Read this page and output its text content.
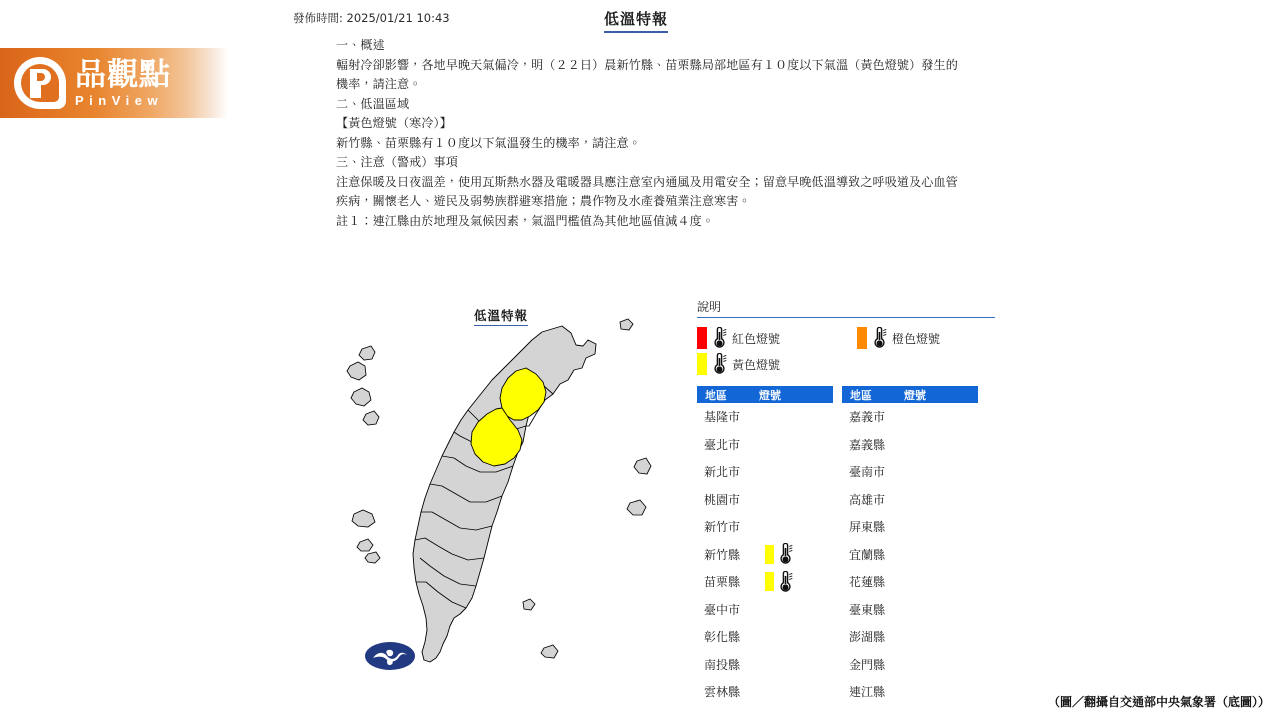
品觀點
PinView
發佈時間: 2025/01/21 10:43	低溫特報
一、概述
輻射冷卻影響，各地早晚天氣偏冷，明（２２日）晨新竹縣、苗栗縣局部地區有１０度以下氣溫（黃色燈號）發生的機率，請注意。
二、低溫區域
【黃色燈號（寒冷）】
新竹縣、苗栗縣有１０度以下氣溫發生的機率，請注意。
三、注意（警戒）事項
注意保暖及日夜溫差，使用瓦斯熱水器及電暖器具應注意室內通風及用電安全；留意早晚低溫導致之呼吸道及心血管疾病，關懷老人、遊民及弱勢族群避寒措施；農作物及水產養殖業注意寒害。
註１：連江縣由於地理及氣候因素，氣溫門檻值為其他地區值減４度。
低溫特報
說明
紅色燈號	橙色燈號
黃色燈號
地區	燈號
基隆市
臺北市
新北市
桃園市
新竹市
新竹縣
苗栗縣
臺中市
彰化縣
南投縣
雲林縣
地區	燈號
嘉義市
嘉義縣
臺南市
高雄市
屏東縣
宜蘭縣
花蓮縣
臺東縣
澎湖縣
金門縣
連江縣
（圖／翻攝自交通部中央氣象署（底圖））
